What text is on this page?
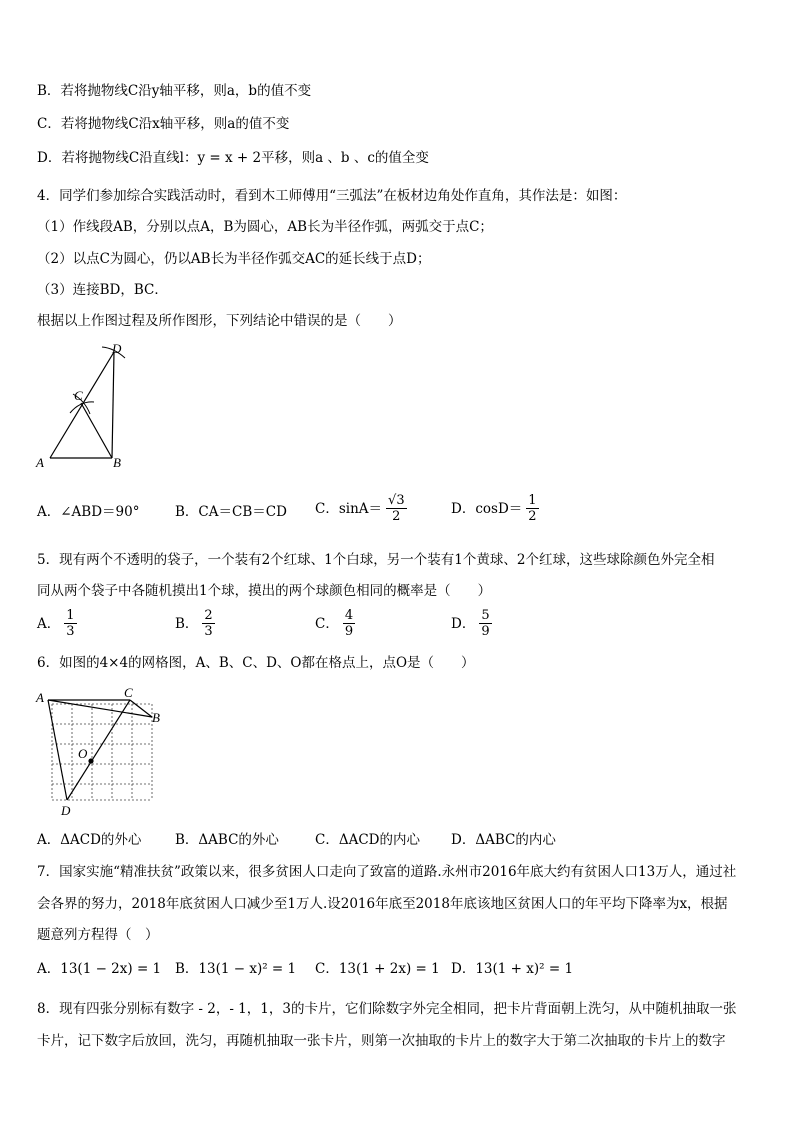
B．若将抛物线C沿y轴平移，则a，b的值不变
C．若将抛物线C沿x轴平移，则a的值不变
D．若将抛物线C沿直线l：y = x + 2平移，则a 、b 、c的值全变
4．同学们参加综合实践活动时，看到木工师傅用“三弧法”在板材边角处作直角，其作法是：如图：
（1）作线段AB，分别以点A，B为圆心，AB长为半径作弧，两弧交于点C；
（2）以点C为圆心，仍以AB长为半径作弧交AC的延长线于点D；
（3）连接BD，BC．
根据以上作图过程及所作图形，下列结论中错误的是（　　）
A	B
C
D
A．∠ABD＝90°	B．CA＝CB＝CD C．$\sin A= \frac{√3}{2}$	D．$\cos D= \frac{1}{2}$
5．现有两个不透明的袋子，一个装有2个红球、1个白球，另一个装有1个黄球、2个红球，这些球除颜色外完全相
同从两个袋子中各随机摸出1个球，摸出的两个球颜色相同的概率是（　　）
A． $\frac{1}{3}$	B． $\frac{2}{3}$	C． $\frac{4}{9}$	D． $\frac{5}{9}$
6．如图的4×4的网格图，A、B、C、D、O都在格点上，点O是（　　）
A
B
C
D
O
A．ΔACD的外心 B．ΔABC的外心	C．ΔACD的内心 D．ΔABC的内心
7．国家实施“精准扶贫”政策以来，很多贫困人口走向了致富的道路.永州市2016年底大约有贫困人口13万人，通过社
会各界的努力，2018年底贫困人口减少至1万人.设2016年底至2018年底该地区贫困人口的年平均下降率为x，根据
题意列方程得（　）
A．13(1 − 2x) = 1 B．13(1 − x)² = 1 C．13(1 + 2x) = 1 D．13(1 + x)² = 1
8．现有四张分别标有数字 - 2，- 1，1，3的卡片，它们除数字外完全相同，把卡片背面朝上洗匀，从中随机抽取一张
卡片，记下数字后放回，洗匀，再随机抽取一张卡片，则第一次抽取的卡片上的数字大于第二次抽取的卡片上的数字
